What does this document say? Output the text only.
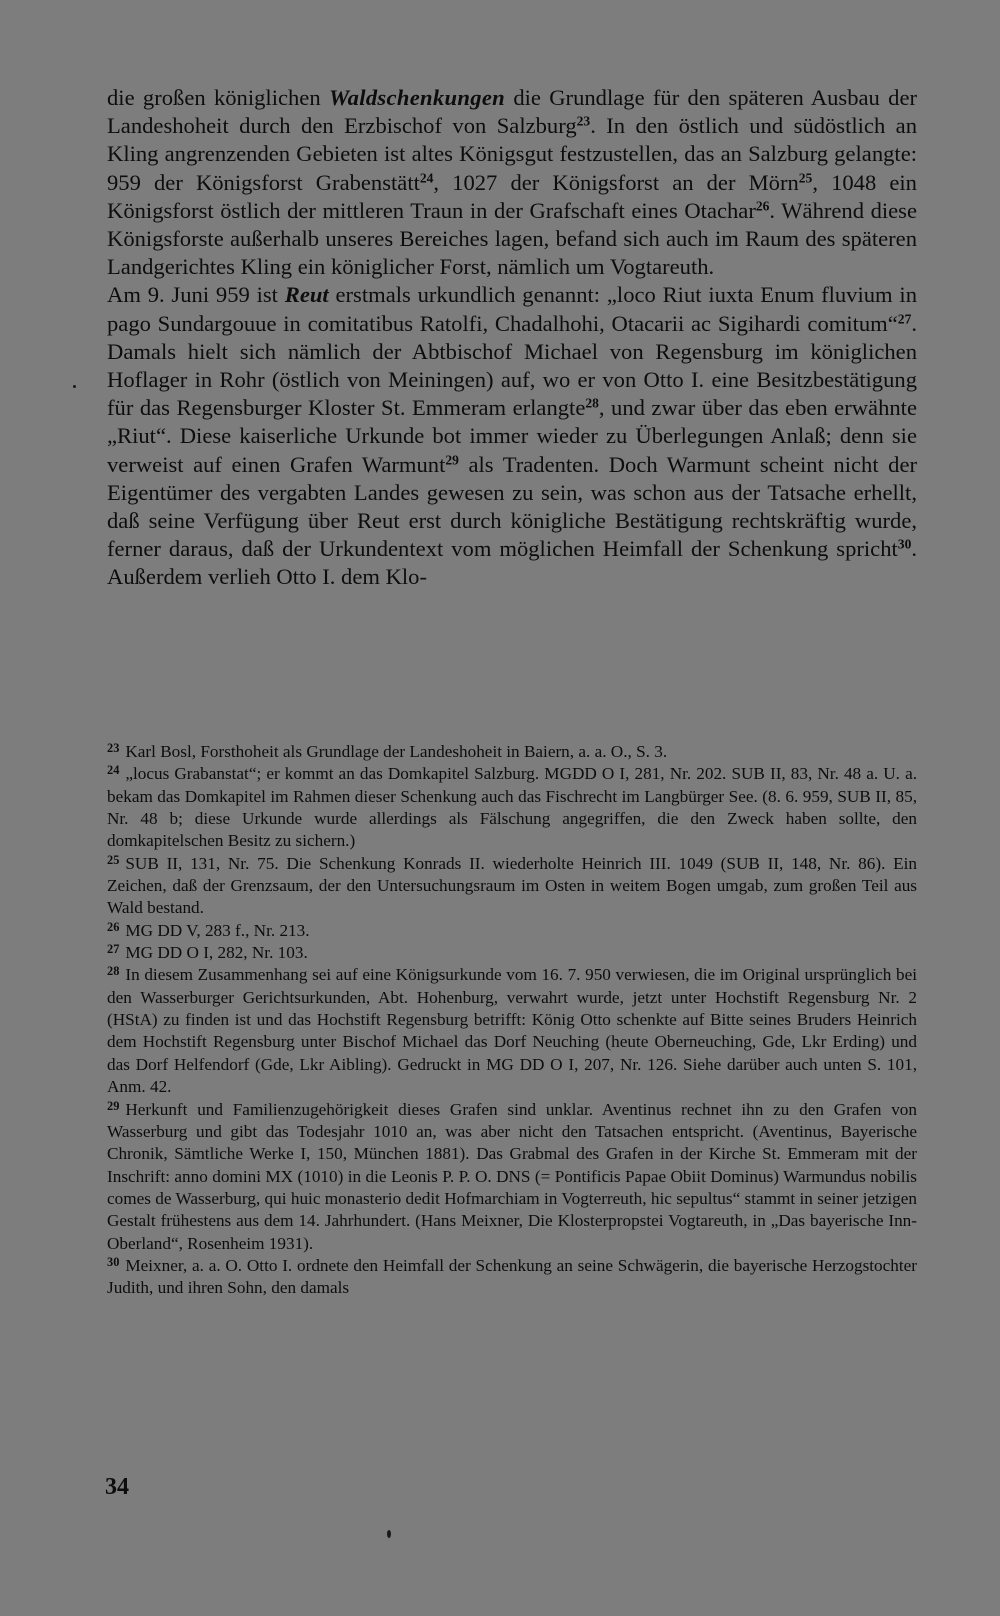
die großen königlichen Waldschenkungen die Grundlage für den späteren Ausbau der Landeshoheit durch den Erzbischof von Salzburg$^{23}$. In den östlich und südöstlich an Kling angrenzenden Gebieten ist altes Königsgut festzustellen, das an Salzburg gelangte: 959 der Königsforst Grabenstätt$^{24}$, 1027 der Königsforst an der Mörn$^{25}$, 1048 ein Königsforst östlich der mittleren Traun in der Grafschaft eines Otachar$^{26}$. Während diese Königsforste außerhalb unseres Bereiches lagen, befand sich auch im Raum des späteren Landgerichtes Kling ein königlicher Forst, nämlich um Vogtareuth.

Am 9. Juni 959 ist Reut erstmals urkundlich genannt: „loco Riut iuxta Enum fluvium in pago Sundargouue in comitatibus Ratolfi, Chadalhohi, Otacarii ac Sigihardi comitum“$^{27}$. Damals hielt sich nämlich der Abtbischof Michael von Regensburg im königlichen Hoflager in Rohr (östlich von Meiningen) auf, wo er von Otto I. eine Besitzbestätigung für das Regensburger Kloster St. Emmeram erlangte$^{28}$, und zwar über das eben erwähnte „Riut“. Diese kaiserliche Urkunde bot immer wieder zu Überlegungen Anlaß; denn sie verweist auf einen Grafen Warmunt$^{29}$ als Tradenten. Doch Warmunt scheint nicht der Eigentümer des vergabten Landes gewesen zu sein, was schon aus der Tatsache erhellt, daß seine Verfügung über Reut erst durch königliche Bestätigung rechtskräftig wurde, ferner daraus, daß der Urkundentext vom möglichen Heimfall der Schenkung spricht$^{30}$. Außerdem verlieh Otto I. dem Klo-

$^{23}$ Karl Bosl, Forsthoheit als Grundlage der Landeshoheit in Baiern, a. a. O., S. 3.

$^{24}$ „locus Grabanstat“; er kommt an das Domkapitel Salzburg. MGDD O I, 281, Nr. 202. SUB II, 83, Nr. 48 a. U. a. bekam das Domkapitel im Rahmen dieser Schenkung auch das Fischrecht im Langbürger See. (8. 6. 959, SUB II, 85, Nr. 48 b; diese Urkunde wurde allerdings als Fälschung angegriffen, die den Zweck haben sollte, den domkapitelschen Besitz zu sichern.)

$^{25}$ SUB II, 131, Nr. 75. Die Schenkung Konrads II. wiederholte Heinrich III. 1049 (SUB II, 148, Nr. 86). Ein Zeichen, daß der Grenzsaum, der den Untersuchungsraum im Osten in weitem Bogen umgab, zum großen Teil aus Wald bestand.

$^{26}$ MG DD V, 283 f., Nr. 213.

$^{27}$ MG DD O I, 282, Nr. 103.

$^{28}$ In diesem Zusammenhang sei auf eine Königsurkunde vom 16. 7. 950 verwiesen, die im Original ursprünglich bei den Wasserburger Gerichtsurkunden, Abt. Hohenburg, verwahrt wurde, jetzt unter Hochstift Regensburg Nr. 2 (HStA) zu finden ist und das Hochstift Regensburg betrifft: König Otto schenkte auf Bitte seines Bruders Heinrich dem Hochstift Regensburg unter Bischof Michael das Dorf Neuching (heute Oberneuching, Gde, Lkr Erding) und das Dorf Helfendorf (Gde, Lkr Aibling). Gedruckt in MG DD O I, 207, Nr. 126. Siehe darüber auch unten S. 101, Anm. 42.

$^{29}$ Herkunft und Familienzugehörigkeit dieses Grafen sind unklar. Aventinus rechnet ihn zu den Grafen von Wasserburg und gibt das Todesjahr 1010 an, was aber nicht den Tatsachen entspricht. (Aventinus, Bayerische Chronik, Sämtliche Werke I, 150, München 1881). Das Grabmal des Grafen in der Kirche St. Emmeram mit der Inschrift: anno domini MX (1010) in die Leonis P. P. O. DNS (= Pontificis Papae Obiit Dominus) Warmundus nobilis comes de Wasserburg, qui huic monasterio dedit Hofmarchiam in Vogterreuth, hic sepultus“ stammt in seiner jetzigen Gestalt frühestens aus dem 14. Jahrhundert. (Hans Meixner, Die Klosterpropstei Vogtareuth, in „Das bayerische Inn-Oberland“, Rosenheim 1931).

$^{30}$ Meixner, a. a. O. Otto I. ordnete den Heimfall der Schenkung an seine Schwägerin, die bayerische Herzogstochter Judith, und ihren Sohn, den damals

34
